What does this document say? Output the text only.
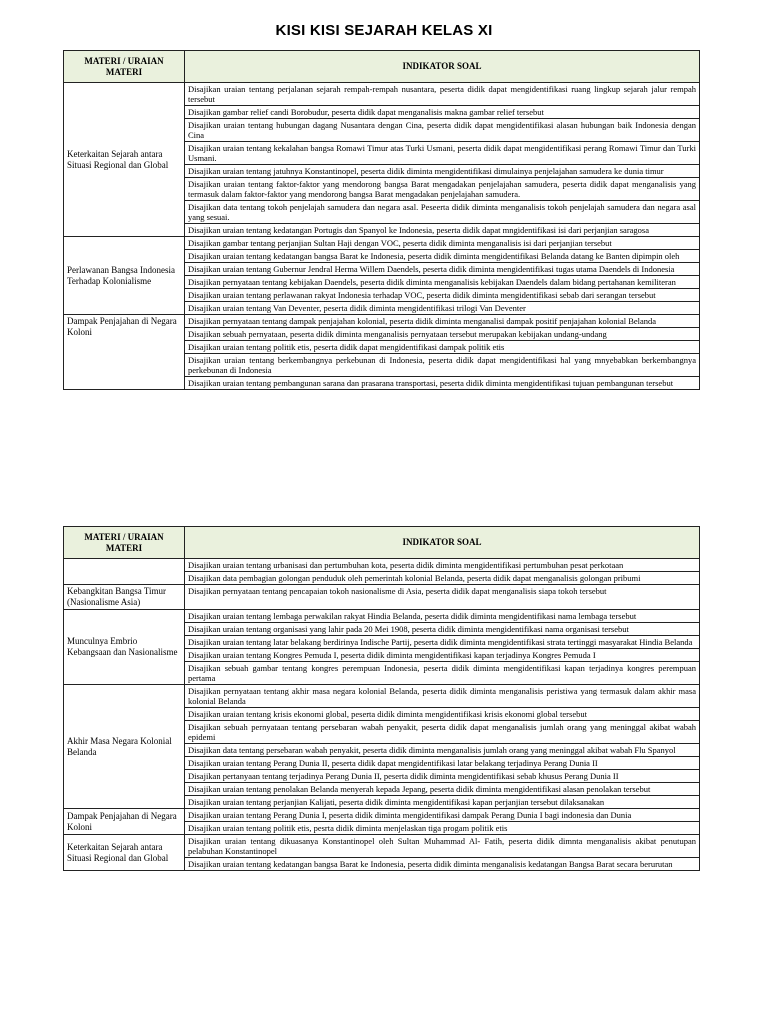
KISI KISI SEJARAH KELAS XI
MATERI / URAIAN MATERI	INDIKATOR SOAL
Keterkaitan Sejarah antara Situasi Regional dan Global	Disajikan uraian tentang perjalanan sejarah rempah-rempah nusantara, peserta didik dapat mengidentifikasi ruang lingkup sejarah jalur rempah tersebut
	Disajikan gambar relief candi Borobudur, peserta didik dapat menganalisis makna gambar relief tersebut
	Disajikan uraian tentang hubungan dagang Nusantara dengan Cina, peserta didik dapat mengidentifikasi alasan hubungan baik Indonesia dengan Cina
	Disajikan uraian tentang kekalahan bangsa Romawi Timur atas Turki Usmani, peserta didik dapat mengidentifikasi perang Romawi Timur dan Turki Usmani.
	Disajikan uraian tentang jatuhnya Konstantinopel, peserta didik diminta mengidentifikasi dimulainya penjelajahan samudera ke dunia timur
	Disajikan uraian tentang faktor-faktor yang mendorong bangsa Barat mengadakan penjelajahan samudera, peserta didik dapat menganalisis yang termasuk dalam faktor-faktor yang mendorong bangsa Barat mengadakan penjelajahan samudera.
	Disajikan data tentang tokoh penjelajah samudera dan negara asal. Peseerta didik diminta menganalisis tokoh penjelajah samudera dan negara asal yang sesuai.
	Disajikan uraian tentang kedatangan Portugis dan Spanyol ke Indonesia, peserta didik dapat mngidentifikasi isi dari perjanjian saragosa
Perlawanan Bangsa Indonesia Terhadap Kolonialisme	Disajikan gambar tentang perjanjian Sultan Haji dengan VOC, peserta didik diminta menganalisis isi dari perjanjian tersebut
	Disajikan uraian tentang kedatangan bangsa Barat ke Indonesia, peserta didik diminta mengidentifikasi Belanda datang ke Banten dipimpin oleh
	Disajikan uraian tentang Gubernur Jendral Herma Willem Daendels, peserta didik diminta mengidentifikasi tugas utama Daendels di Indonesia
	Disajikan pernyataan tentang kebijakan Daendels, peserta didik diminta menganalisis kebijakan Daendels dalam bidang pertahanan kemiliteran
	Disajikan uraian tentang perlawanan rakyat Indonesia terhadap VOC, peserta didik diminta mengidentifikasi sebab dari serangan tersebut
	Disajikan uraian tentang Van Deventer, peserta didik diminta mengidentifikasi trilogi Van Deventer
Dampak Penjajahan di Negara Koloni	Disajikan pernyataan tentang dampak penjajahan kolonial, peserta didik diminta menganalisi dampak positif penjajahan kolonial Belanda
	Disajikan sebuah pernyataan, peserta didik diminta menganalisis pernyataan tersebut merupakan kebijakan undang-undang
	Disajikan uraian tentang politik etis, peserta didik dapat mengidentifikasi dampak politik etis
	Disajikan uraian tentang berkembangnya perkebunan di Indonesia, peserta didik dapat mengidentifikasi hal yang mnyebabkan berkembangnya perkebunan di Indonesia
	Disajikan uraian tentang pembangunan sarana dan prasarana transportasi, peserta didik diminta mengidentifikasi tujuan pembangunan tersebut
MATERI / URAIAN MATERI	INDIKATOR SOAL
	Disajikan uraian tentang urbanisasi dan pertumbuhan kota, peserta didik diminta mengidentifikasi pertumbuhan pesat perkotaan
	Disajikan data pembagian golongan penduduk oleh pemerintah kolonial Belanda, peserta didik dapat menganalisis golongan pribumi
Kebangkitan Bangsa Timur (Nasionalisme Asia)	Disajikan pernyataan tentang pencapaian tokoh nasionalisme di Asia, peserta didik dapat menganalisis siapa tokoh tersebut
Munculnya Embrio Kebangsaan dan Nasionalisme	Disajikan uraian tentang lembaga perwakilan rakyat Hindia Belanda, peserta didik diminta mengidentifikasi nama lembaga tersebut
	Disajikan uraian tentang organisasi yang lahir pada 20 Mei 1908, peserta didik diminta mengidentifikasi nama organisasi tersebut
	Disajikan uraian tentang latar belakang berdirinya Indische Partij, peserta didik diminta mengidentifikasi strata tertinggi masyarakat Hindia Belanda
	Disajikan uraian tentang Kongres Pemuda I, peserta didik diminta mengidentifikasi kapan terjadinya Kongres Pemuda I
	Disajikan sebuah gambar tentang kongres perempuan Indonesia, peserta didik diminta mengidentifikasi kapan terjadinya kongres perempuan pertama
Akhir Masa Negara Kolonial Belanda	Disajikan pernyataan tentang akhir masa negara kolonial Belanda, peserta didik diminta menganalisis peristiwa yang termasuk dalam akhir masa kolonial Belanda
	Disajikan uraian tentang krisis ekonomi global, peserta didik diminta mengidentifikasi krisis ekonomi global tersebut
	Disajikan sebuah pernyataan tentang persebaran wabah penyakit, peserta didik dapat menganalisis jumlah orang yang meninggal akibat wabah epidemi
	Disajikan data tentang persebaran wabah penyakit, peserta didik diminta menganalisis jumlah orang yang meninggal akibat wabah Flu Spanyol
	Disajikan uraian tentang Perang Dunia II, peserta didik dapat mengidentifikasi latar belakang terjadinya Perang Dunia II
	Disajikan pertanyaan tentang terjadinya Perang Dunia II, peserta didik diminta mengidentifikasi sebab khusus Perang Dunia II
	Disajikan uraian tentang penolakan Belanda menyerah kepada Jepang, peserta didik diminta mengidentifikasi alasan penolakan tersebut
	Disajikan uraian tentang perjanjian Kalijati, peserta didik diminta mengidentifikasi kapan perjanjian tersebut dilaksanakan
Dampak Penjajahan di Negara Koloni	Disajikan uraian tentang Perang Dunia I, peserta didik diminta mengidentifikasi dampak Perang Dunia I bagi indonesia dan Dunia
	Disajikan uraian tentang politik etis, pesrta didik diminta menjelaskan tiga progam politik etis
Keterkaitan Sejarah antara Situasi Regional dan Global	Disajikan uraian tentang dikuasanya Konstantinopel oleh Sultan Muhammad Al- Fatih, peserta didik dimnta menganalisis akibat penutupan pelabuhan Konstantinopel
	Disajikan uraian tentang kedatangan bangsa Barat ke Indonesia, peserta didik diminta menganalisis kedatangan Bangsa Barat secara berurutan
